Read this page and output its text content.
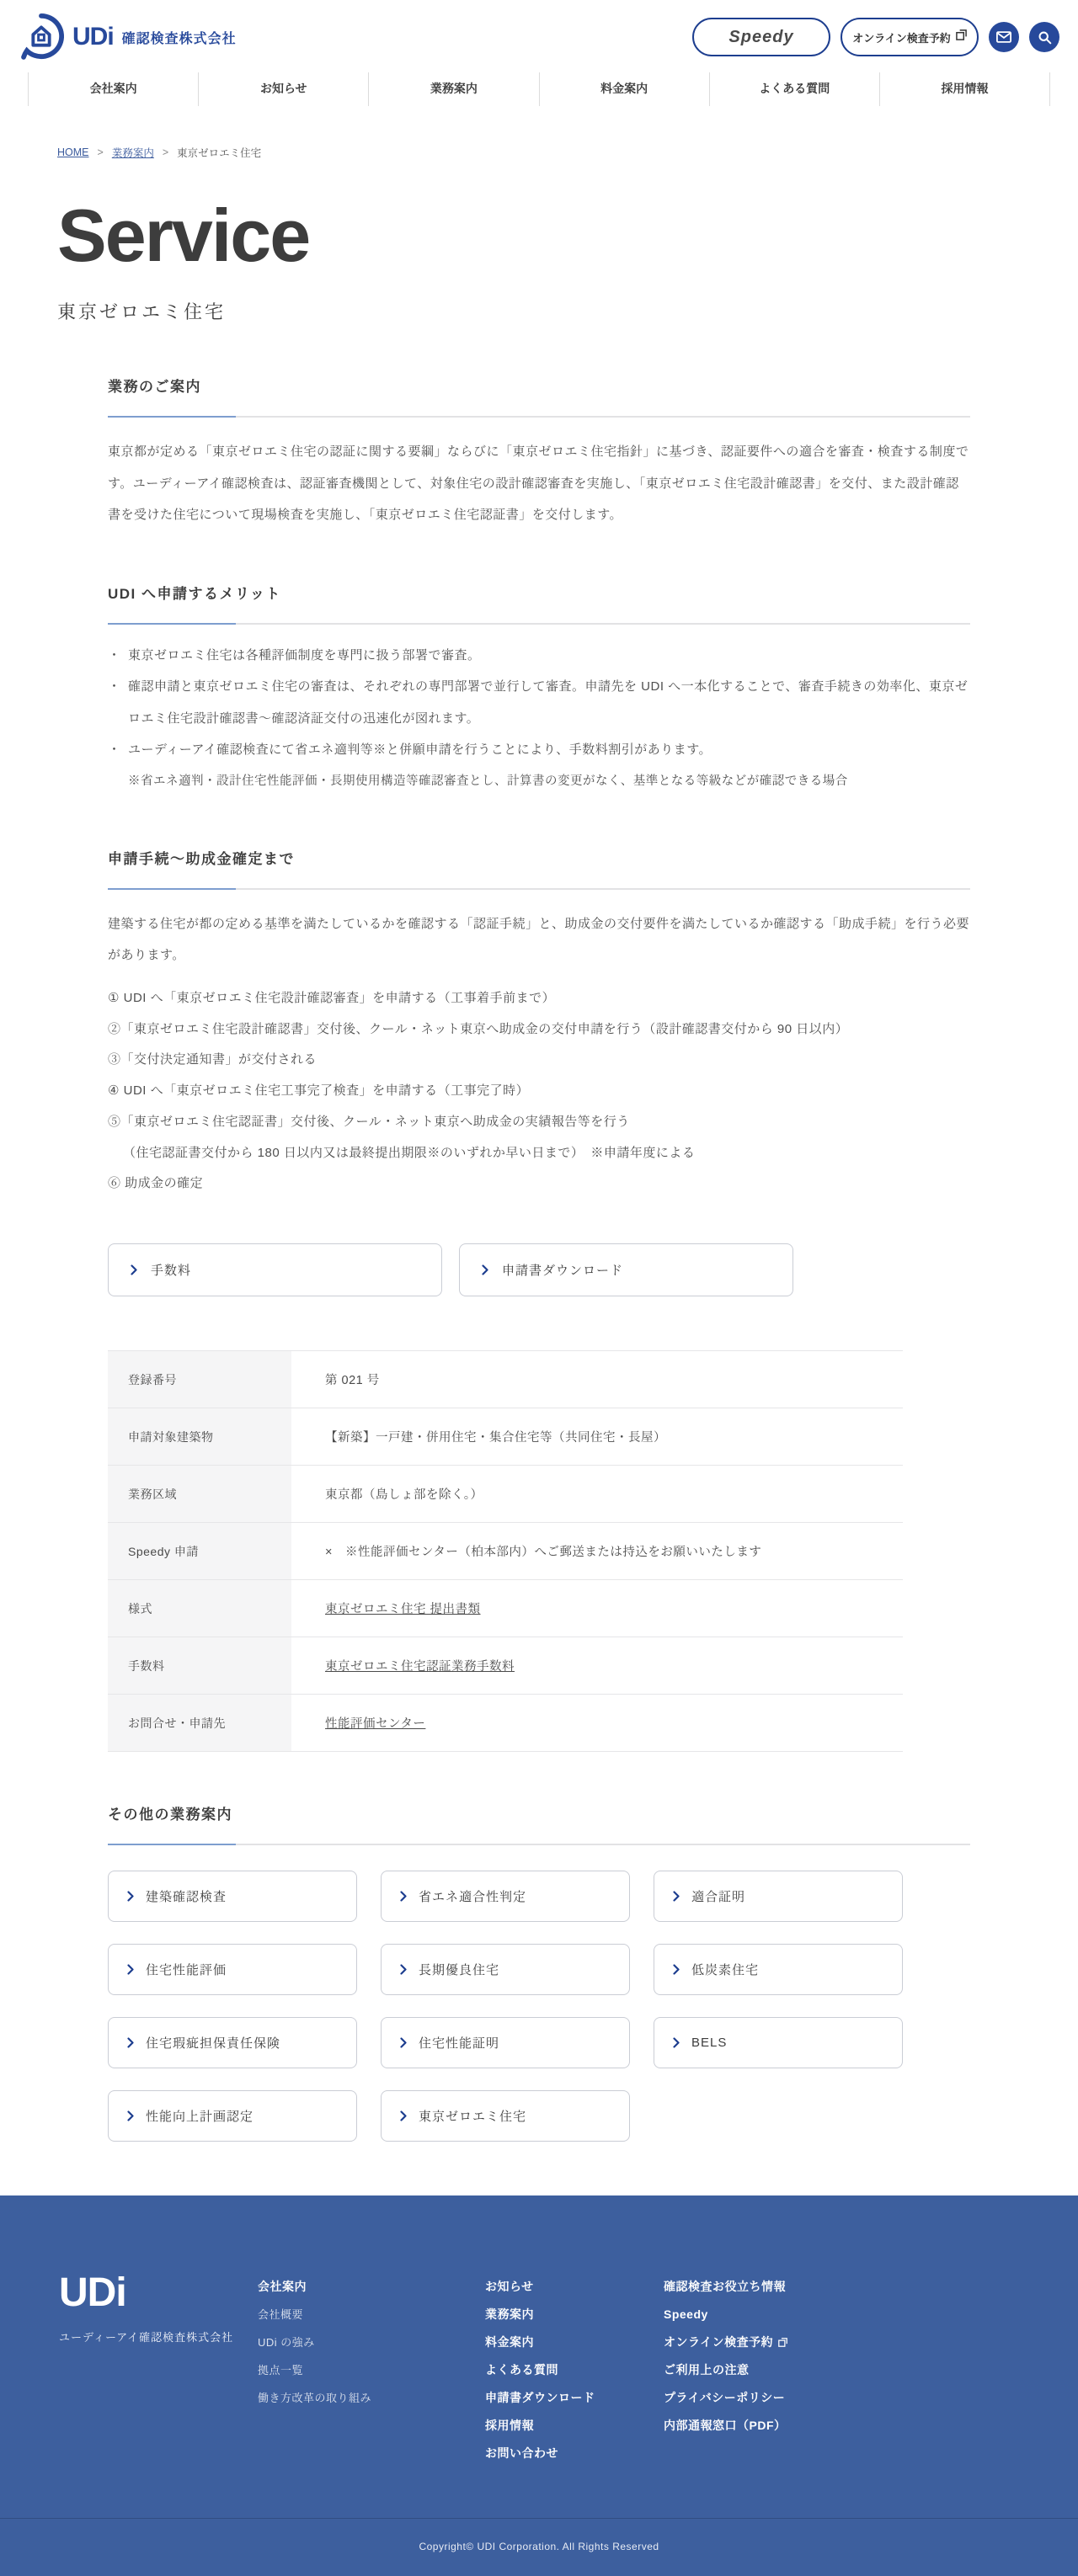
UDi 確認検査株式会社	Speedy	オンライン検査予約
会社案内	お知らせ	業務案内	料金案内	よくある質問	採用情報
HOME > 業務案内 > 東京ゼロエミ住宅
Service

東京ゼロエミ住宅

業務のご案内

東京都が定める「東京ゼロエミ住宅の認証に関する要綱」ならびに「東京ゼロエミ住宅指針」に基づき、認証要件への適合を審査・検査する制度です。ユーディーアイ確認検査は、認証審査機関として、対象住宅の設計確認審査を実施し、「東京ゼロエミ住宅設計確認書」を交付、また設計確認書を受けた住宅について現場検査を実施し、「東京ゼロエミ住宅認証書」を交付します。

UDI へ申請するメリット
・ 東京ゼロエミ住宅は各種評価制度を専門に扱う部署で審査。
・ 確認申請と東京ゼロエミ住宅の審査は、それぞれの専門部署で並行して審査。申請先を UDI へ一本化することで、審査手続きの効率化、東京ゼロエミ住宅設計確認書〜確認済証交付の迅速化が図れます。
・ ユーディーアイ確認検査にて省エネ適判等※と併願申請を行うことにより、手数料割引があります。

※省エネ適判・設計住宅性能評価・長期使用構造等確認審査とし、計算書の変更がなく、基準となる等級などが確認できる場合

申請手続〜助成金確定まで

建築する住宅が都の定める基準を満たしているかを確認する「認証手続」と、助成金の交付要件を満たしているか確認する「助成手続」を行う必要があります。

① UDI へ「東京ゼロエミ住宅設計確認審査」を申請する（工事着手前まで）
②「東京ゼロエミ住宅設計確認書」交付後、クール・ネット東京へ助成金の交付申請を行う（設計確認書交付から 90 日以内）
③「交付決定通知書」が交付される
④ UDI へ「東京ゼロエミ住宅工事完了検査」を申請する（工事完了時）
⑤「東京ゼロエミ住宅認証書」交付後、クール・ネット東京へ助成金の実績報告等を行う
（住宅認証書交付から 180 日以内又は最終提出期限※のいずれか早い日まで）　※申請年度による
⑥ 助成金の確定
手数料	申請書ダウンロード
登録番号	第 021 号
申請対象建築物	【新築】一戸建・併用住宅・集合住宅等（共同住宅・長屋）
業務区域	東京都（島しょ部を除く。）
Speedy 申請	×　※性能評価センター（柏本部内）へご郵送または持込をお願いいたします
様式	東京ゼロエミ住宅 提出書類
手数料	東京ゼロエミ住宅認証業務手数料
お問合せ・申請先	性能評価センター
その他の業務案内
建築確認検査	省エネ適合性判定	適合証明
住宅性能評価	長期優良住宅	低炭素住宅
住宅瑕疵担保責任保険	住宅性能証明	BELS
性能向上計画認定	東京ゼロエミ住宅
UDi
ユーディーアイ確認検査株式会社
会社案内
会社概要
UDi の強み
拠点一覧
働き方改革の取り組み
お知らせ
業務案内
料金案内
よくある質問
申請書ダウンロード
採用情報
お問い合わせ
確認検査お役立ち情報
Speedy
オンライン検査予約
ご利用上の注意
プライバシーポリシー
内部通報窓口（PDF）
Copyright© UDI Corporation. All Rights Reserved
